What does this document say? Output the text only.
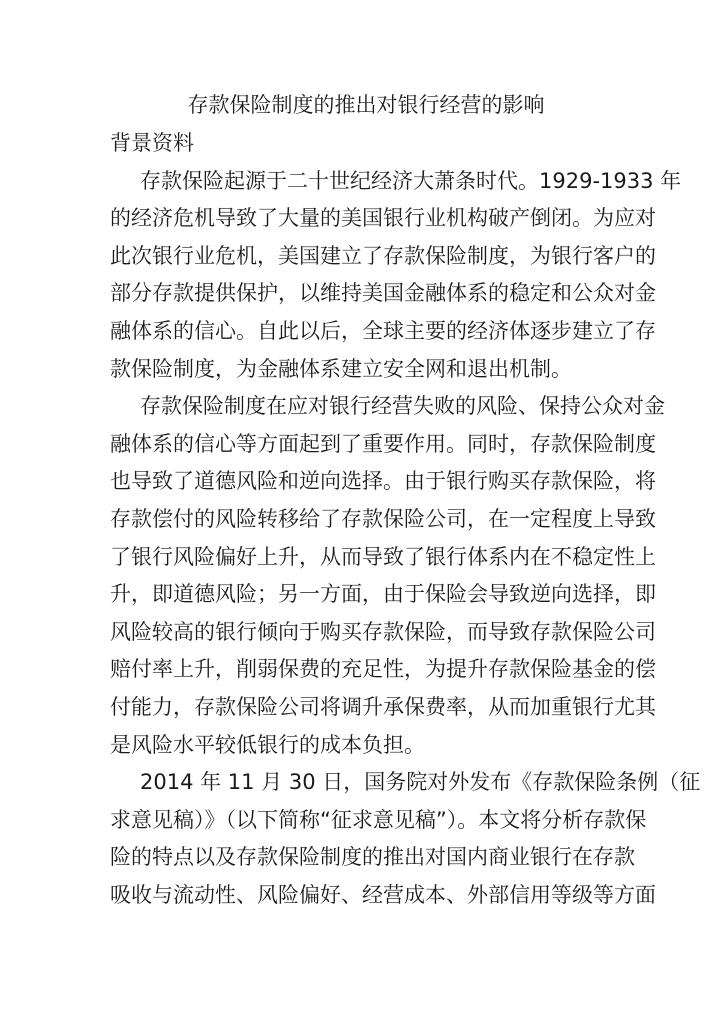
存款保险制度的推出对银行经营的影响
背景资料
存款保险起源于二十世纪经济大萧条时代。1929-1933 年
的经济危机导致了大量的美国银行业机构破产倒闭。为应对
此次银行业危机，美国建立了存款保险制度，为银行客户的
部分存款提供保护，以维持美国金融体系的稳定和公众对金
融体系的信心。自此以后，全球主要的经济体逐步建立了存
款保险制度，为金融体系建立安全网和退出机制。
存款保险制度在应对银行经营失败的风险、保持公众对金
融体系的信心等方面起到了重要作用。同时，存款保险制度
也导致了道德风险和逆向选择。由于银行购买存款保险，将
存款偿付的风险转移给了存款保险公司，在一定程度上导致
了银行风险偏好上升，从而导致了银行体系内在不稳定性上
升，即道德风险；另一方面，由于保险会导致逆向选择，即
风险较高的银行倾向于购买存款保险，而导致存款保险公司
赔付率上升，削弱保费的充足性，为提升存款保险基金的偿
付能力，存款保险公司将调升承保费率，从而加重银行尤其
是风险水平较低银行的成本负担。
2014 年 11 月 30 日，国务院对外发布《存款保险条例（征
求意见稿）》（以下简称“征求意见稿”）。本文将分析存款保
险的特点以及存款保险制度的推出对国内商业银行在存款
吸收与流动性、风险偏好、经营成本、外部信用等级等方面
